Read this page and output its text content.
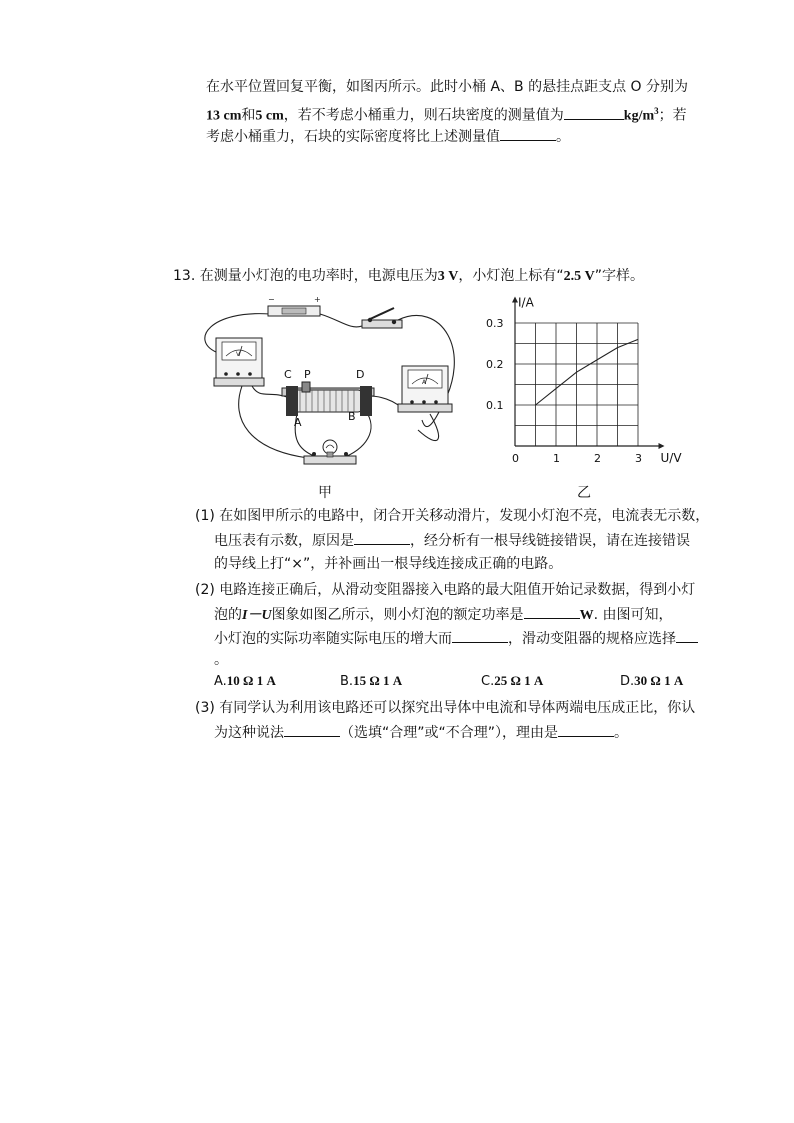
在水平位置回复平衡，如图丙所示。此时小桶 A、B 的悬挂点距支点 O 分别为
13 cm和5 cm，若不考虑小桶重力，则石块密度的测量值为	$kg/m^3$；若
考虑小桶重力，石块的实际密度将比上述测量值	。
13. 在测量小灯泡的电功率时，电源电压为3 V，小灯泡上标有“2.5 V”字样。
−	+
V
C P	D
A	B
A
甲
0	1	2	3
0.1
0.2
0.3
I/A
U/V
乙
(1) 在如图甲所示的电路中，闭合开关移动滑片，发现小灯泡不亮，电流表无示数，
电压表有示数，原因是	，经分析有一根导线链接错误，请在连接错误
的导线上打“×”，并补画出一根导线连接成正确的电路。
(2) 电路连接正确后，从滑动变阻器接入电路的最大阻值开始记录数据，得到小灯
泡的I－U图象如图乙所示，则小灯泡的额定功率是	W. 由图可知，
小灯泡的实际功率随实际电压的增大而	，滑动变阻器的规格应选择
。
A.10 Ω 1 A	B.15 Ω 1 A	C.25 Ω 1 A	D.30 Ω 1 A
(3) 有同学认为利用该电路还可以探究出导体中电流和导体两端电压成正比，你认
为这种说法	（选填“合理”或“不合理”），理由是	。
